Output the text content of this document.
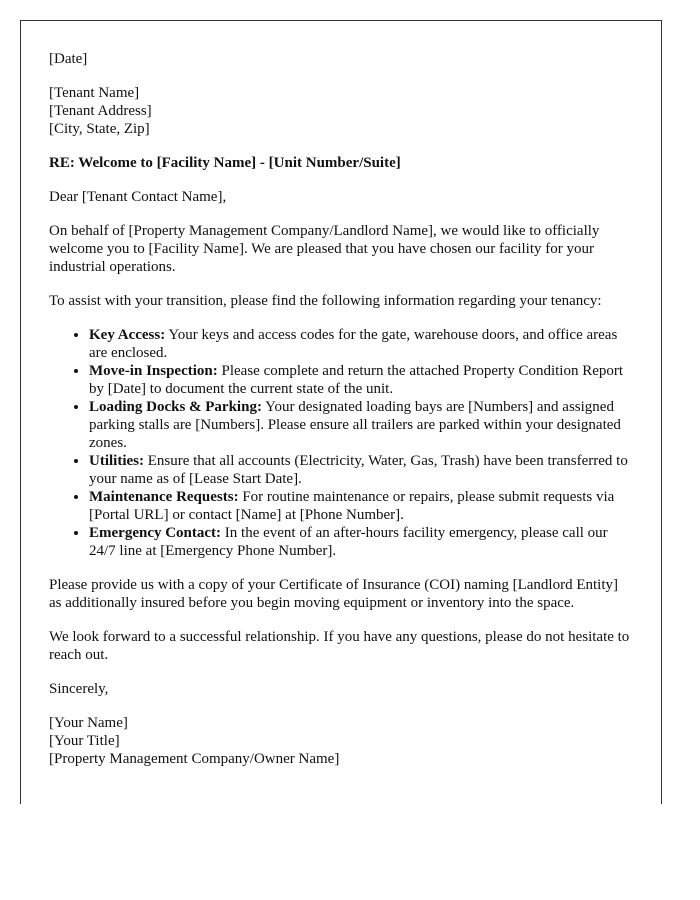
[Date]

[Tenant Name]
[Tenant Address]
[City, State, Zip]

RE: Welcome to [Facility Name] - [Unit Number/Suite]

Dear [Tenant Contact Name],

On behalf of [Property Management Company/Landlord Name], we would like to officially welcome you to [Facility Name]. We are pleased that you have chosen our facility for your industrial operations.

To assist with your transition, please find the following information regarding your tenancy:

• Key Access: Your keys and access codes for the gate, warehouse doors, and office areas are enclosed.
• Move-in Inspection: Please complete and return the attached Property Condition Report by [Date] to document the current state of the unit.
• Loading Docks & Parking: Your designated loading bays are [Numbers] and assigned parking stalls are [Numbers]. Please ensure all trailers are parked within your designated zones.
• Utilities: Ensure that all accounts (Electricity, Water, Gas, Trash) have been transferred to your name as of [Lease Start Date].
• Maintenance Requests: For routine maintenance or repairs, please submit requests via [Portal URL] or contact [Name] at [Phone Number].
• Emergency Contact: In the event of an after-hours facility emergency, please call our 24/7 line at [Emergency Phone Number].

Please provide us with a copy of your Certificate of Insurance (COI) naming [Landlord Entity] as additionally insured before you begin moving equipment or inventory into the space.

We look forward to a successful relationship. If you have any questions, please do not hesitate to reach out.

Sincerely,

[Your Name]
[Your Title]
[Property Management Company/Owner Name]
